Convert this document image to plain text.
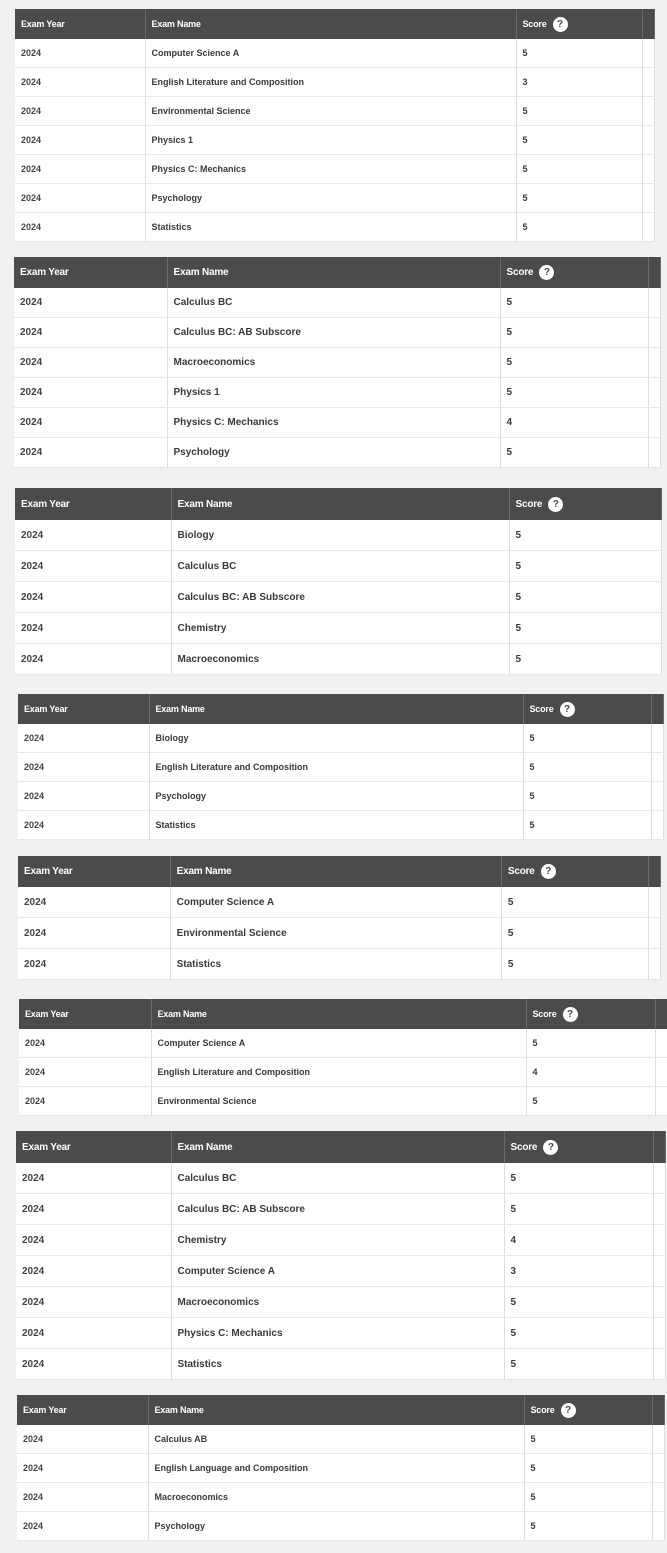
Exam Year	Exam Name	Score ?	
2024	Computer Science A	5	
2024	English Literature and Composition	3	
2024	Environmental Science	5	
2024	Physics 1	5	
2024	Physics C: Mechanics	5	
2024	Psychology	5	
2024	Statistics	5	
Exam Year	Exam Name	Score ?	
2024	Calculus BC	5	
2024	Calculus BC: AB Subscore	5	
2024	Macroeconomics	5	
2024	Physics 1	5	
2024	Physics C: Mechanics	4	
2024	Psychology	5	
Exam Year	Exam Name	Score ?
2024	Biology	5
2024	Calculus BC	5
2024	Calculus BC: AB Subscore	5
2024	Chemistry	5
2024	Macroeconomics	5
Exam Year	Exam Name	Score ?	
2024	Biology	5	
2024	English Literature and Composition	5	
2024	Psychology	5	
2024	Statistics	5	
Exam Year	Exam Name	Score ?	
2024	Computer Science A	5	
2024	Environmental Science	5	
2024	Statistics	5	
Exam Year	Exam Name	Score ?	
2024	Computer Science A	5	
2024	English Literature and Composition	4	
2024	Environmental Science	5	
Exam Year	Exam Name	Score ?	
2024	Calculus BC	5	
2024	Calculus BC: AB Subscore	5	
2024	Chemistry	4	
2024	Computer Science A	3	
2024	Macroeconomics	5	
2024	Physics C: Mechanics	5	
2024	Statistics	5	
Exam Year	Exam Name	Score ?	
2024	Calculus AB	5	
2024	English Language and Composition	5	
2024	Macroeconomics	5	
2024	Psychology	5	
